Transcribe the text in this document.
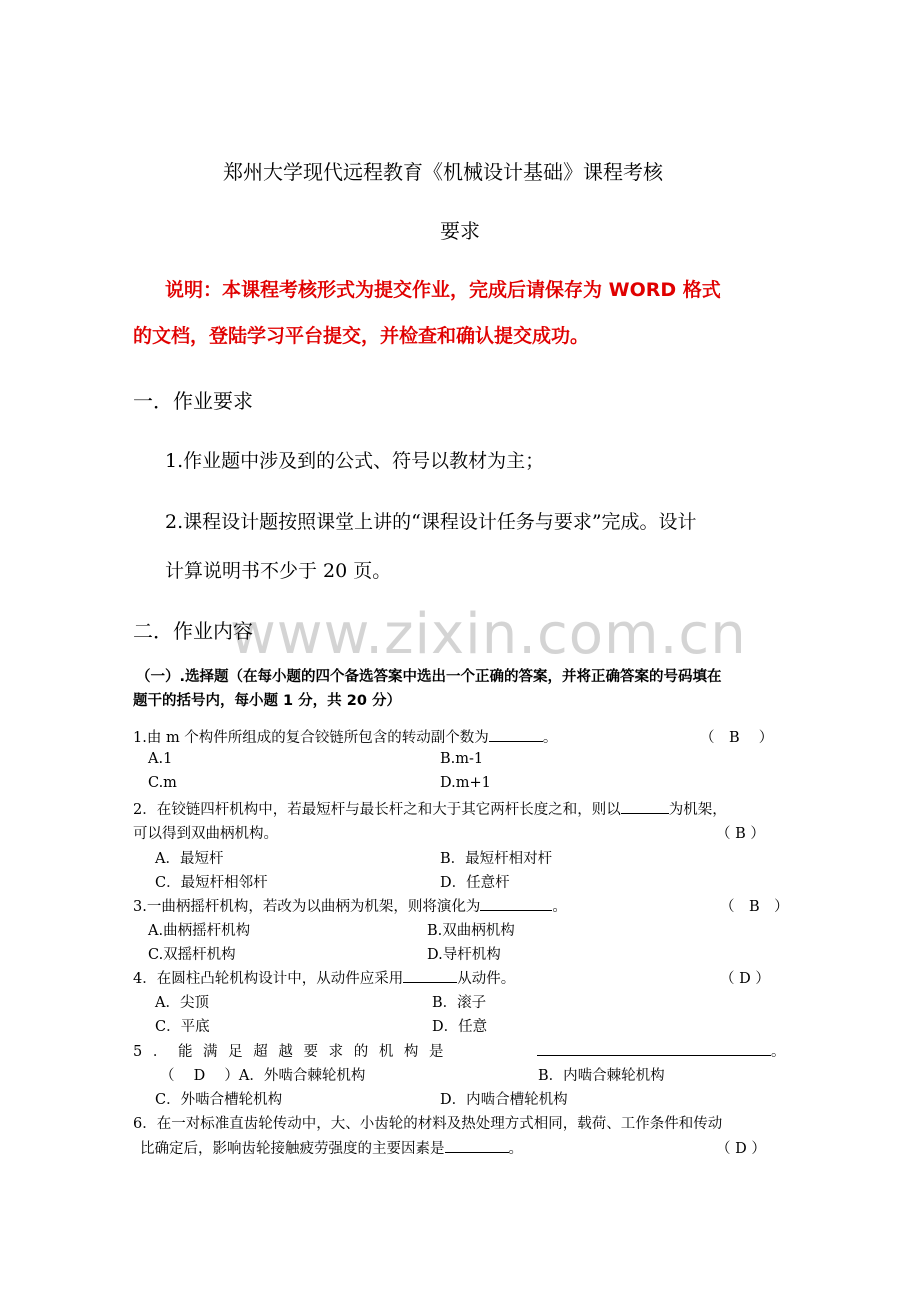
www.zixin.com.cn
郑州大学现代远程教育《机械设计基础》课程考核
要求
说明：本课程考核形式为提交作业，完成后请保存为 WORD 格式
的文档，登陆学习平台提交，并检查和确认提交成功。
一．作业要求
1.作业题中涉及到的公式、符号以教材为主；
2.课程设计题按照课堂上讲的“课程设计任务与要求”完成。设计
计算说明书不少于 20 页。
二．作业内容
（一）.选择题（在每小题的四个备选答案中选出一个正确的答案，并将正确答案的号码填在
题干的括号内，每小题 1 分，共 20 分）
1.由 m 个构件所组成的复合铰链所包含的转动副个数为	。	（　B　 ）
A.1	B.m-1
C.m	D.m+1
2．在铰链四杆机构中，若最短杆与最长杆之和大于其它两杆长度之和，则以	为机架，
可以得到双曲柄机构。	（ B ）
A．最短杆	B．最短杆相对杆
C．最短杆相邻杆	D．任意杆
3.一曲柄摇杆机构，若改为以曲柄为机架，则将演化为	。	（　B　）
A.曲柄摇杆机构	B.双曲柄机构
C.双摇杆机构	D.导杆机构
4．在圆柱凸轮机构设计中，从动件应采用	从动件。	（ D ）
A．尖顶	B．滚子
C．平底	D．任意
5 ． 能 满 足 超 越 要 求 的 机 构 是	。
（　 D　 ）A．外啮合棘轮机构	B．内啮合棘轮机构
C．外啮合槽轮机构	D．内啮合槽轮机构
6．在一对标准直齿轮传动中，大、小齿轮的材料及热处理方式相同，载荷、工作条件和传动
比确定后，影响齿轮接触疲劳强度的主要因素是	。	（ D ）
